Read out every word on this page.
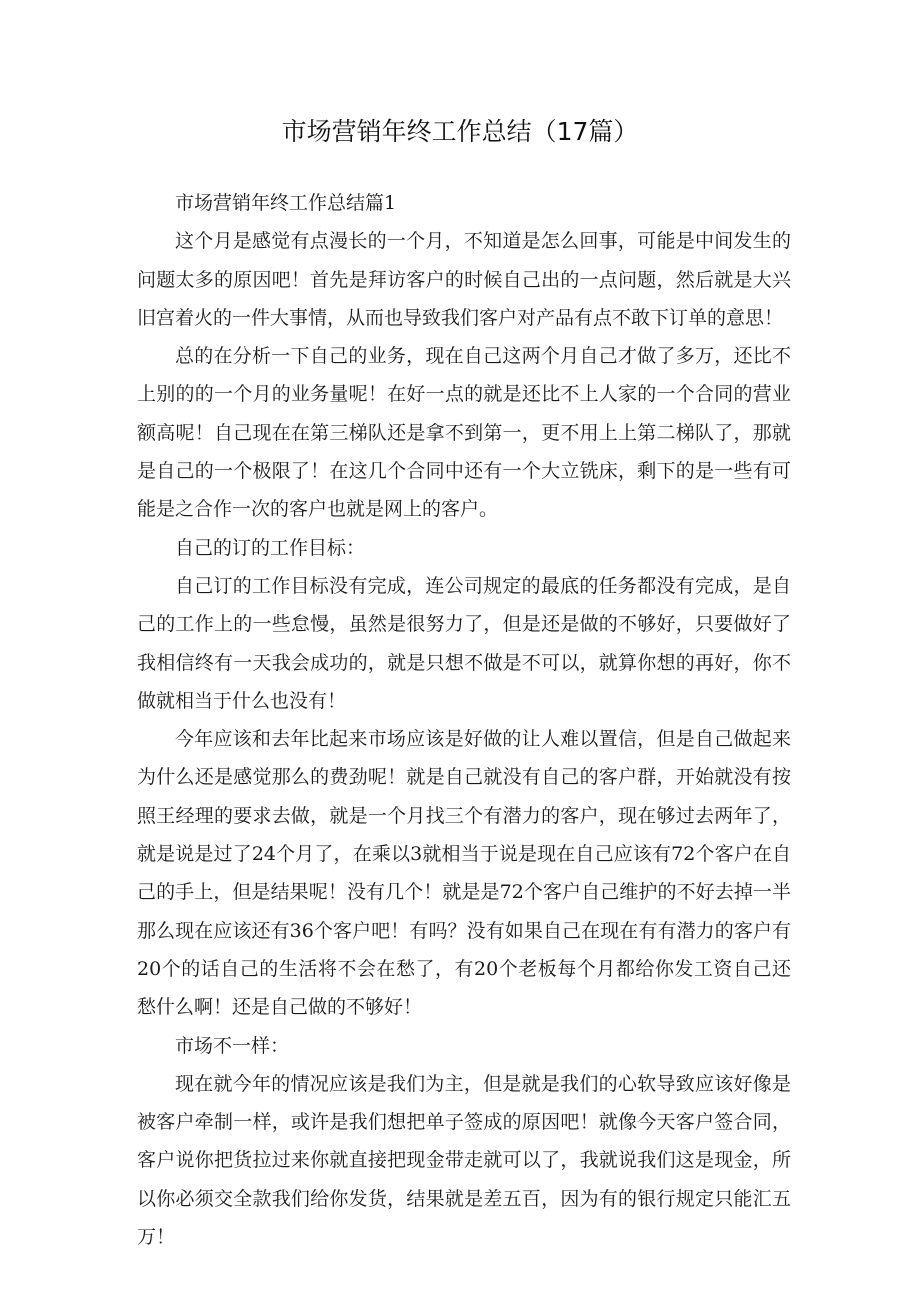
市场营销年终工作总结（17篇）

市场营销年终工作总结篇1

这个月是感觉有点漫长的一个月，不知道是怎么回事，可能是中间发生的问题太多的原因吧！首先是拜访客户的时候自己出的一点问题，然后就是大兴旧宫着火的一件大事情，从而也导致我们客户对产品有点不敢下订单的意思！

总的在分析一下自己的业务，现在自己这两个月自己才做了多万，还比不上别的的一个月的业务量呢！在好一点的就是还比不上人家的一个合同的营业额高呢！自己现在在第三梯队还是拿不到第一，更不用上上第二梯队了，那就是自己的一个极限了！在这几个合同中还有一个大立铣床，剩下的是一些有可能是之合作一次的客户也就是网上的客户。

自己的订的工作目标：

自己订的工作目标没有完成，连公司规定的最底的任务都没有完成，是自己的工作上的一些怠慢，虽然是很努力了，但是还是做的不够好，只要做好了我相信终有一天我会成功的，就是只想不做是不可以，就算你想的再好，你不做就相当于什么也没有！

今年应该和去年比起来市场应该是好做的让人难以置信，但是自己做起来为什么还是感觉那么的费劲呢！就是自己就没有自己的客户群，开始就没有按照王经理的要求去做，就是一个月找三个有潜力的客户，现在够过去两年了，就是说是过了24个月了，在乘以3就相当于说是现在自己应该有72个客户在自己的手上，但是结果呢！没有几个！就是是72个客户自己维护的不好去掉一半那么现在应该还有36个客户吧！有吗？没有如果自己在现在有有潜力的客户有20个的话自己的生活将不会在愁了，有20个老板每个月都给你发工资自己还愁什么啊！还是自己做的不够好！

市场不一样：

现在就今年的情况应该是我们为主，但是就是我们的心软导致应该好像是被客户牵制一样，或许是我们想把单子签成的原因吧！就像今天客户签合同，客户说你把货拉过来你就直接把现金带走就可以了，我就说我们这是现金，所以你必须交全款我们给你发货，结果就是差五百，因为有的银行规定只能汇五万！
